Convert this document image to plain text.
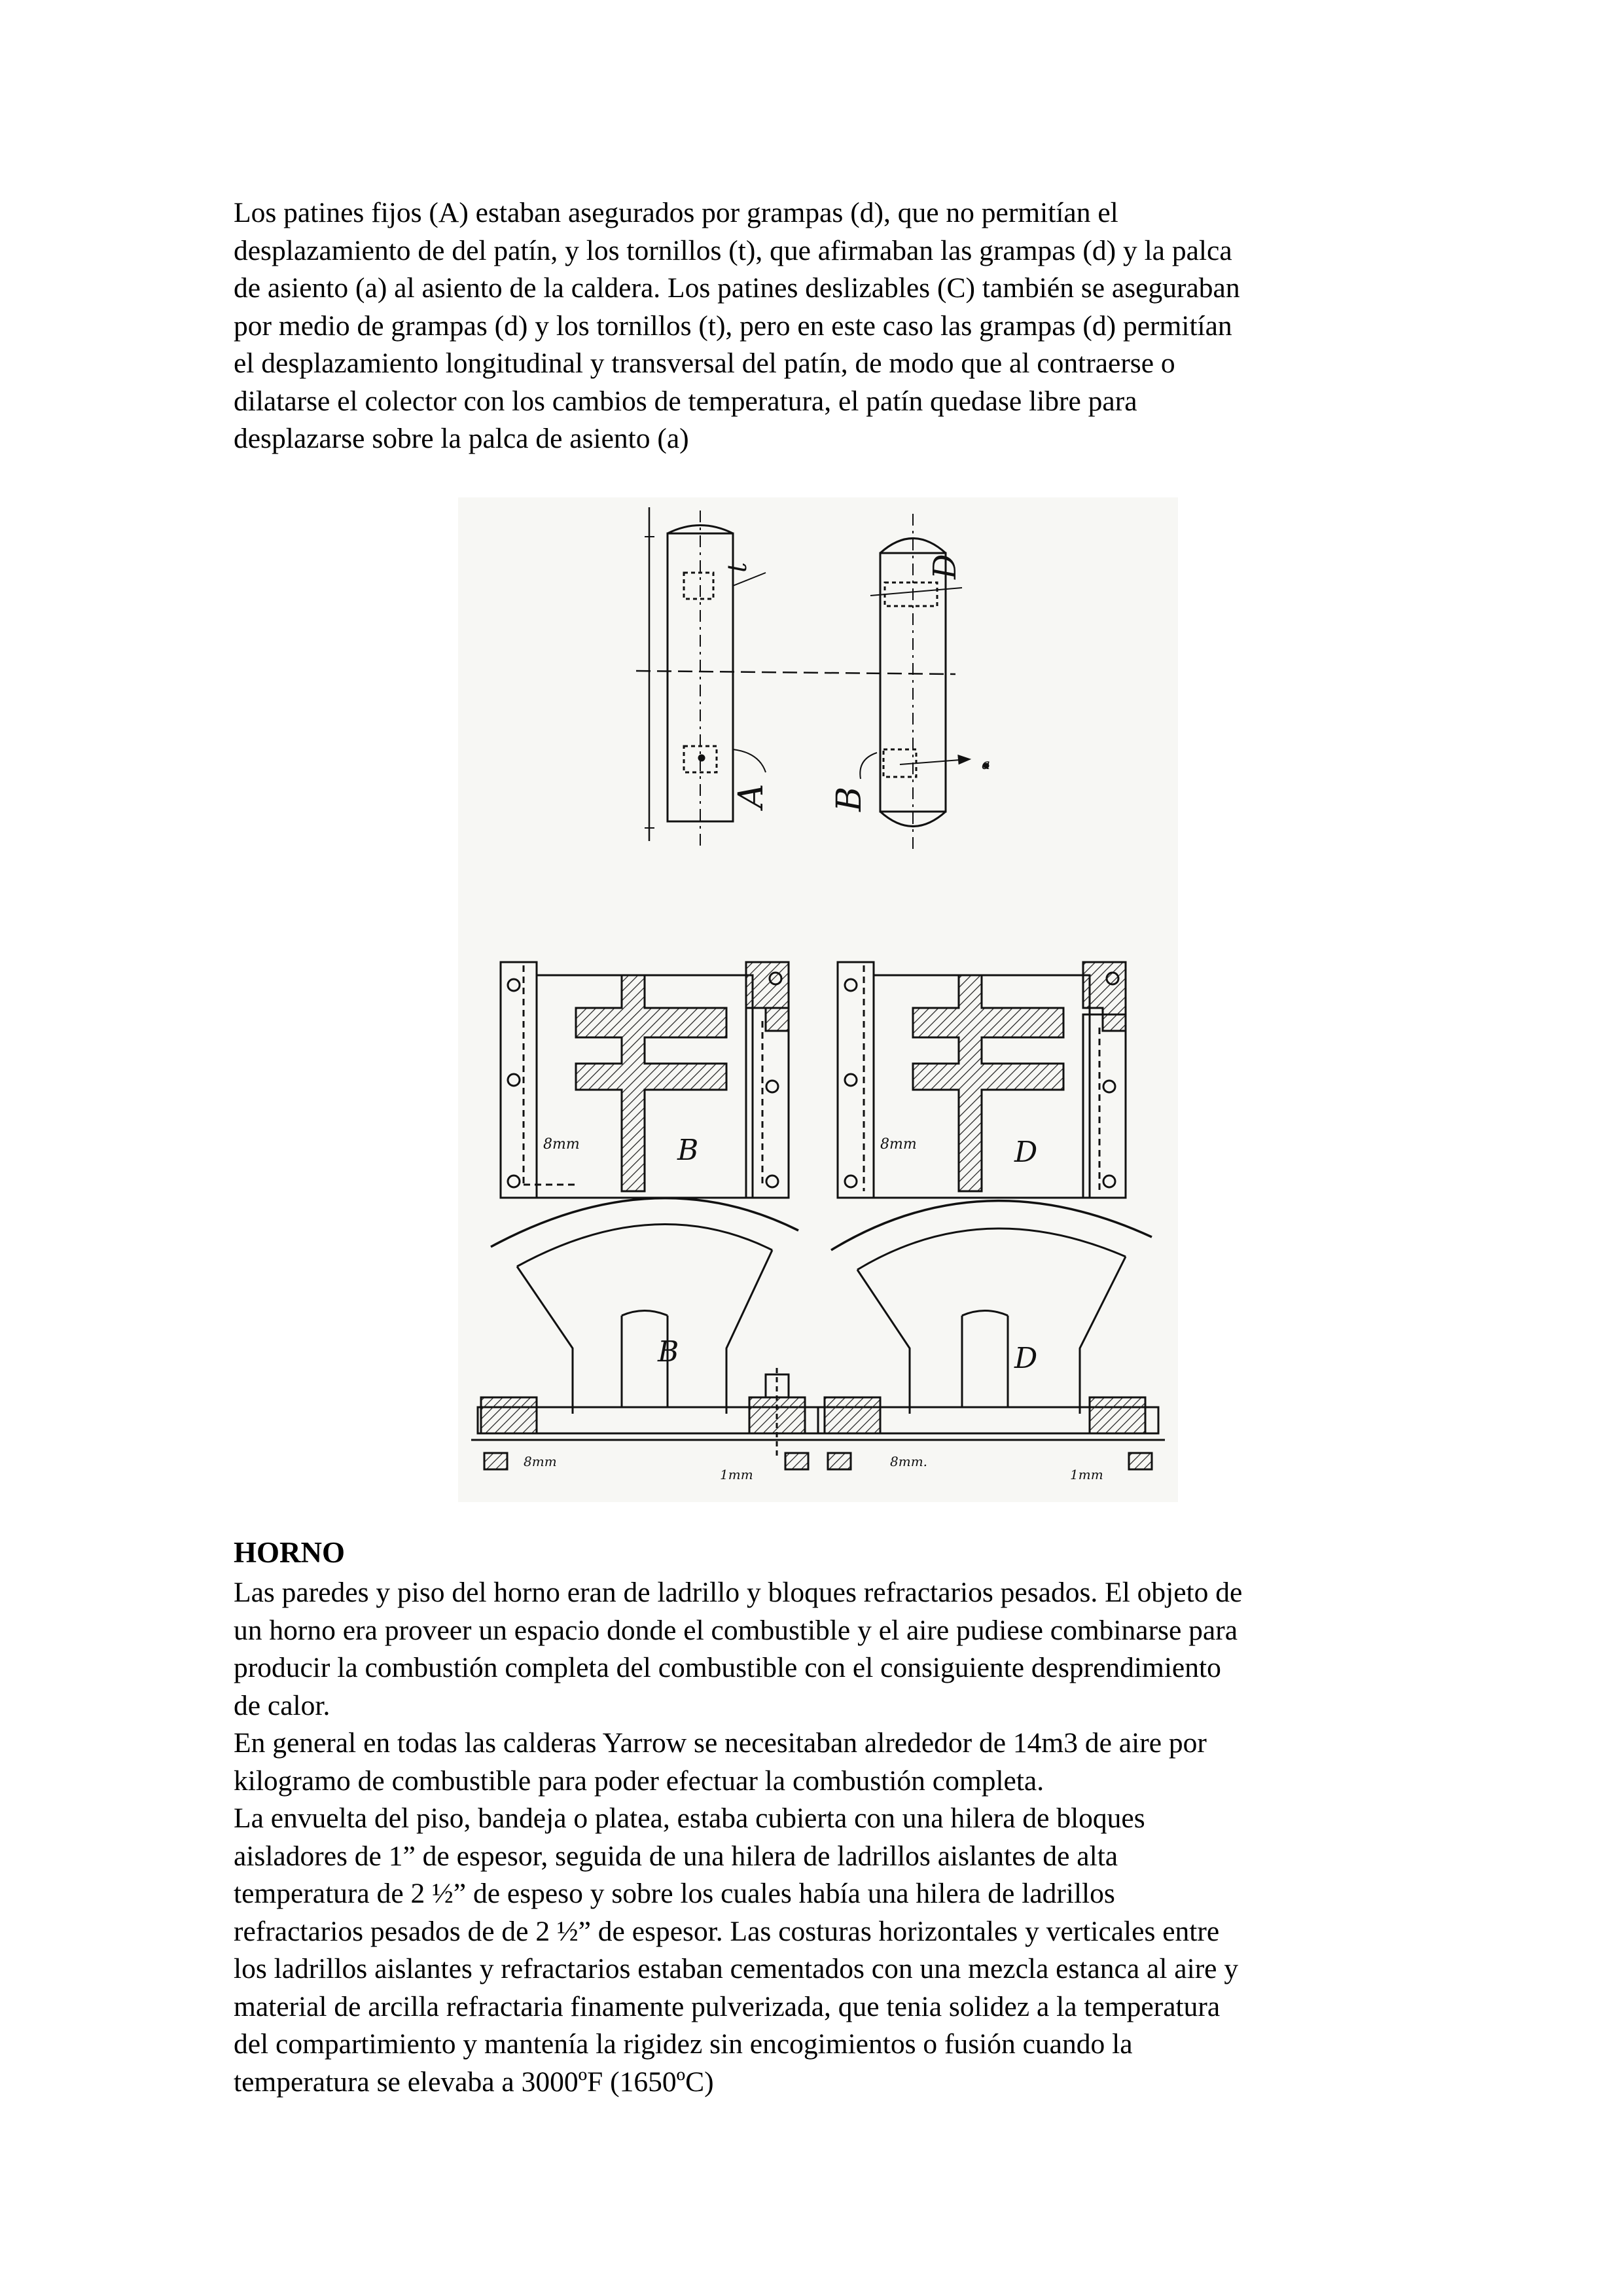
Los patines fijos (A) estaban asegurados por grampas (d), que no permitían el
desplazamiento de del patín, y los tornillos (t), que afirmaban las grampas (d) y la palca
de asiento (a) al asiento de la caldera. Los patines deslizables (C) también se aseguraban
por medio de grampas (d) y los tornillos (t), pero en este caso las grampas (d) permitían
el desplazamiento longitudinal y transversal del patín, de modo que al contraerse o
dilatarse el colector con los cambios de temperatura, el patín quedase libre para
desplazarse sobre la palca de asiento (a)
t	D
A B
a
B	D
8mm	8mm
B	D
8mm
1mm
8mm.
1mm
HORNO
Las paredes y piso del horno eran de ladrillo y bloques refractarios pesados. El objeto de
un horno era proveer un espacio donde el combustible y el aire pudiese combinarse para
producir la combustión completa del combustible con el consiguiente desprendimiento
de calor.
En general en todas las calderas Yarrow se necesitaban alrededor de 14m3 de aire por
kilogramo de combustible para poder efectuar la combustión completa.
La envuelta del piso, bandeja o platea, estaba cubierta con una hilera de bloques
aisladores de 1” de espesor, seguida de una hilera de ladrillos aislantes de alta
temperatura de 2 ½” de espeso y sobre los cuales había una hilera de ladrillos
refractarios pesados de de 2 ½” de espesor. Las costuras horizontales y verticales entre
los ladrillos aislantes y refractarios estaban cementados con una mezcla estanca al aire y
material de arcilla refractaria finamente pulverizada, que tenia solidez a la temperatura
del compartimiento y mantenía la rigidez sin encogimientos o fusión cuando la
temperatura se elevaba a 3000ºF (1650ºC)
